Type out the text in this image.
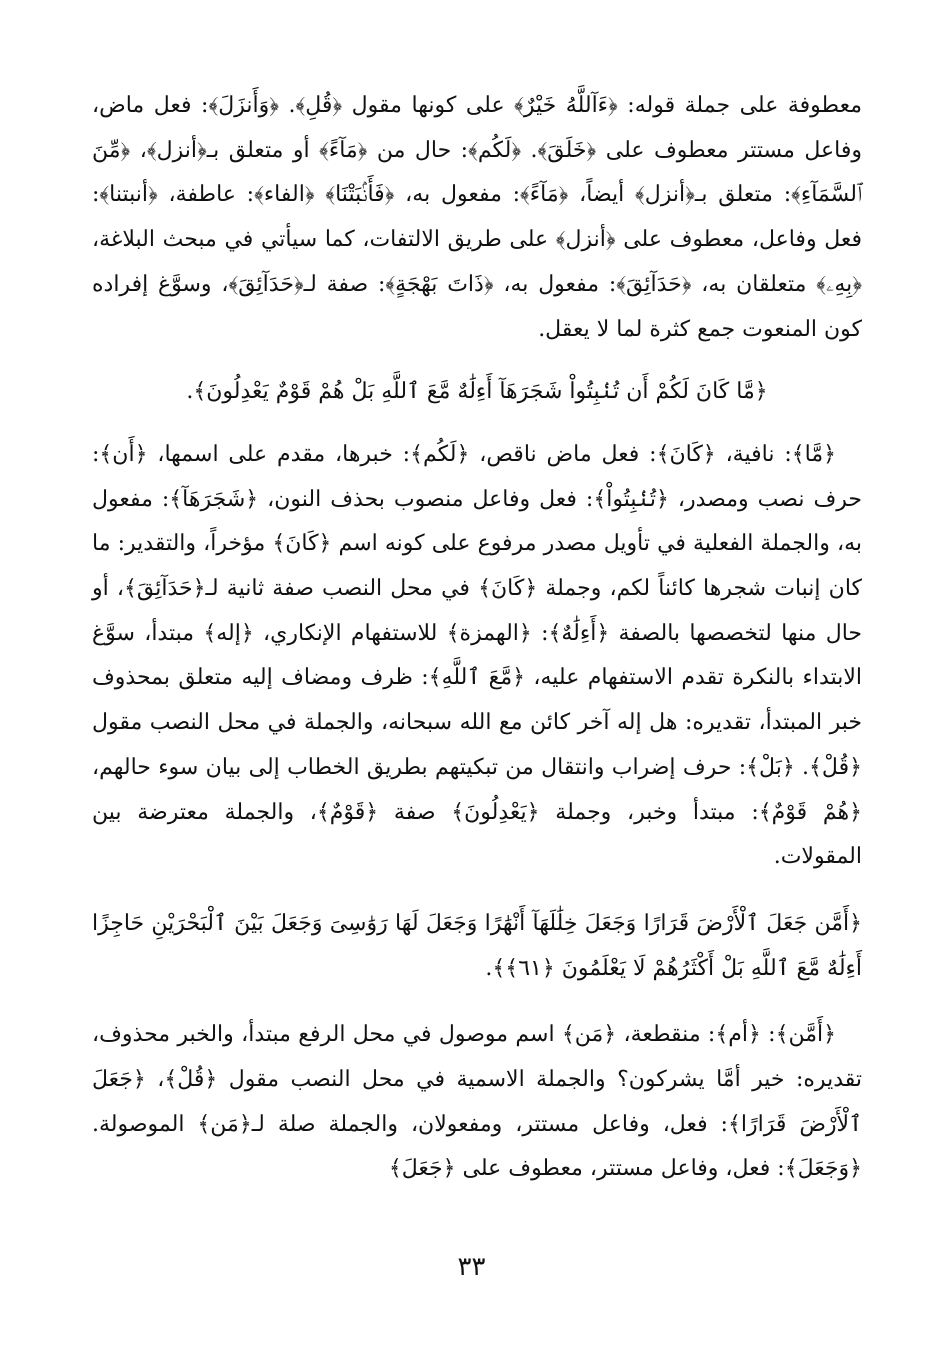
معطوفة على جملة قوله: ﴿ءَآللَّهُ خَيْرٌ﴾ على كونها مقول ﴿قُلِ﴾. ﴿وَأَنزَلَ﴾: فعل ماض، وفاعل مستتر معطوف على ﴿خَلَقَ﴾. ﴿لَكُم﴾: حال من ﴿مَآءً﴾ أو متعلق بـ﴿أنزل﴾، ﴿مِّنَ ٱلسَّمَآءِ﴾: متعلق بـ﴿أنزل﴾ أيضاً، ﴿مَآءً﴾: مفعول به، ﴿فَأَنۢبَتْنَا﴾ ﴿الفاء﴾: عاطفة، ﴿أنبتنا﴾: فعل وفاعل، معطوف على ﴿أنزل﴾ على طريق الالتفات، كما سيأتي في مبحث البلاغة، ﴿بِهِۦ﴾ متعلقان به، ﴿حَدَآئِقَ﴾: مفعول به، ﴿ذَاتَ بَهْجَةٍ﴾: صفة لـ﴿حَدَآئِقَ﴾، وسوَّغ إفراده كون المنعوت جمع كثرة لما لا يعقل.

﴿مَّا كَانَ لَكُمْ أَن تُنۢبِتُواْ شَجَرَهَآ أَءِلَٰهٌ مَّعَ ٱللَّهِ بَلْ هُمْ قَوْمٌ يَعْدِلُونَ﴾.

﴿مَّا﴾: نافية، ﴿كَانَ﴾: فعل ماض ناقص، ﴿لَكُم﴾: خبرها، مقدم على اسمها، ﴿أَن﴾: حرف نصب ومصدر، ﴿تُنۢبِتُواْ﴾: فعل وفاعل منصوب بحذف النون، ﴿شَجَرَهَآ﴾: مفعول به، والجملة الفعلية في تأويل مصدر مرفوع على كونه اسم ﴿كَانَ﴾ مؤخراً، والتقدير: ما كان إنبات شجرها كائناً لكم، وجملة ﴿كَانَ﴾ في محل النصب صفة ثانية لـ﴿حَدَآئِقَ﴾، أو حال منها لتخصصها بالصفة ﴿أَءِلَٰهٌ﴾: ﴿الهمزة﴾ للاستفهام الإنكاري، ﴿إله﴾ مبتدأ، سوَّغ الابتداء بالنكرة تقدم الاستفهام عليه، ﴿مَّعَ ٱللَّهِ﴾: ظرف ومضاف إليه متعلق بمحذوف خبر المبتدأ، تقديره: هل إله آخر كائن مع الله سبحانه، والجملة في محل النصب مقول ﴿قُلْ﴾. ﴿بَلْ﴾: حرف إضراب وانتقال من تبكيتهم بطريق الخطاب إلى بيان سوء حالهم، ﴿هُمْ قَوْمٌ﴾: مبتدأ وخبر، وجملة ﴿يَعْدِلُونَ﴾ صفة ﴿قَوْمٌ﴾، والجملة معترضة بين المقولات.

﴿أَمَّن جَعَلَ ٱلْأَرْضَ قَرَارًا وَجَعَلَ خِلَٰلَهَآ أَنْهَٰرًا وَجَعَلَ لَهَا رَوَٰسِىَ وَجَعَلَ بَيْنَ ٱلْبَحْرَيْنِ حَاجِزًا أَءِلَٰهٌ مَّعَ ٱللَّهِ بَلْ أَكْثَرُهُمْ لَا يَعْلَمُونَ ﴿٦١﴾﴾.

﴿أَمَّن﴾: ﴿أم﴾: منقطعة، ﴿مَن﴾ اسم موصول في محل الرفع مبتدأ، والخبر محذوف، تقديره: خير أمَّا يشركون؟ والجملة الاسمية في محل النصب مقول ﴿قُلْ﴾، ﴿جَعَلَ ٱلْأَرْضَ قَرَارًا﴾: فعل، وفاعل مستتر، ومفعولان، والجملة صلة لـ﴿مَن﴾ الموصولة. ﴿وَجَعَلَ﴾: فعل، وفاعل مستتر، معطوف على ﴿جَعَلَ﴾

٣٣
